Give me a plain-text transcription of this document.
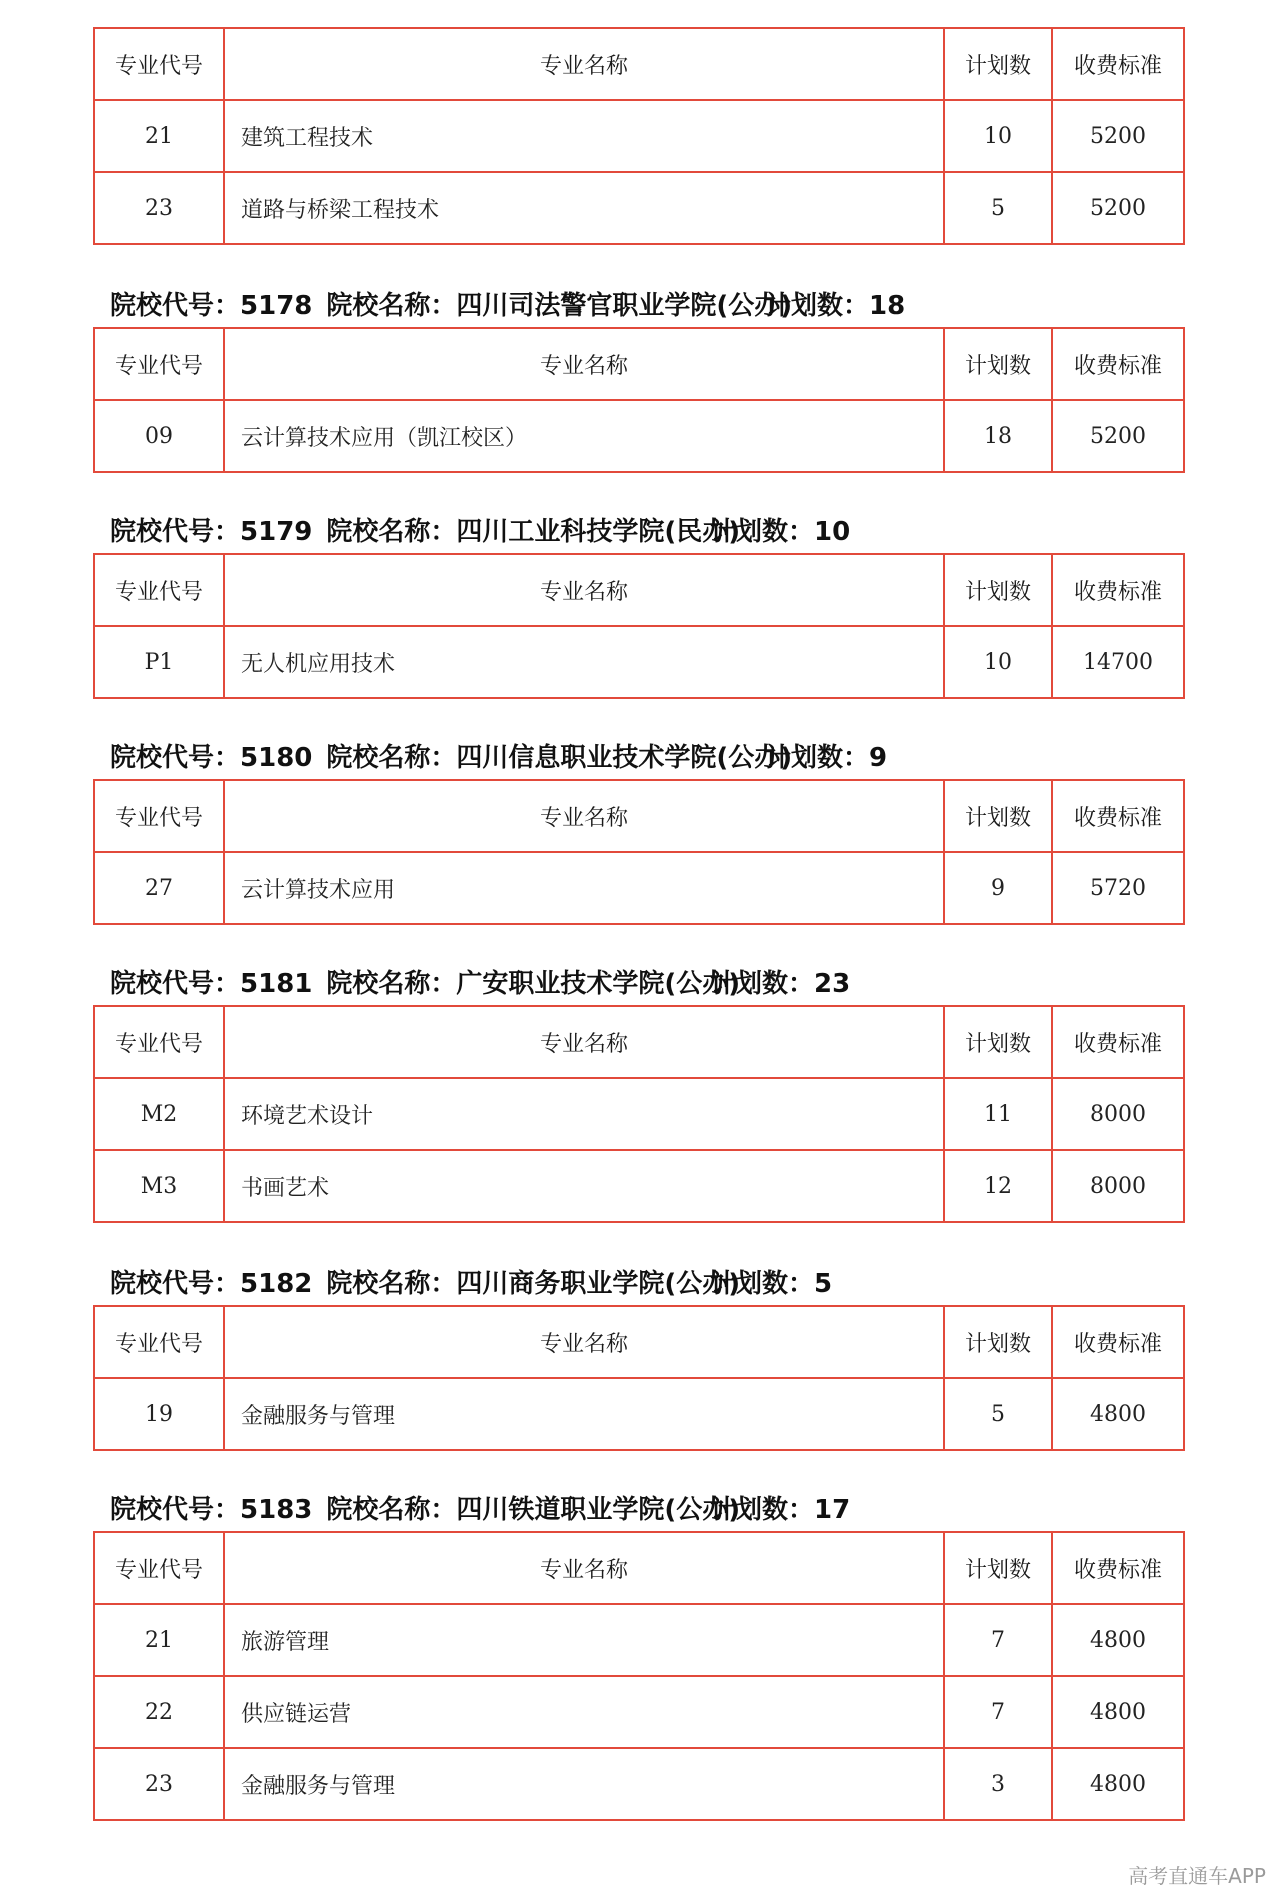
专业代号	专业名称	计划数	收费标准
21	建筑工程技术	10	5200
23	道路与桥梁工程技术	5	5200
院校代号：5178 院校名称：四川司法警官职业学院(公办)
计划数：18
专业代号	专业名称	计划数	收费标准
09	云计算技术应用（凯江校区）	18	5200
院校代号：5179 院校名称：四川工业科技学院(民办)
计划数：10
专业代号	专业名称	计划数	收费标准
P1	无人机应用技术	10	14700
院校代号：5180 院校名称：四川信息职业技术学院(公办)
计划数：9
专业代号	专业名称	计划数	收费标准
27	云计算技术应用	9	5720
院校代号：5181 院校名称：广安职业技术学院(公办)
计划数：23
专业代号	专业名称	计划数	收费标准
M2	环境艺术设计	11	8000
M3	书画艺术	12	8000
院校代号：5182 院校名称：四川商务职业学院(公办)
计划数：5
专业代号	专业名称	计划数	收费标准
19	金融服务与管理	5	4800
院校代号：5183 院校名称：四川铁道职业学院(公办)
计划数：17
专业代号	专业名称	计划数	收费标准
21	旅游管理	7	4800
22	供应链运营	7	4800
23	金融服务与管理	3	4800
高考直通车APP
